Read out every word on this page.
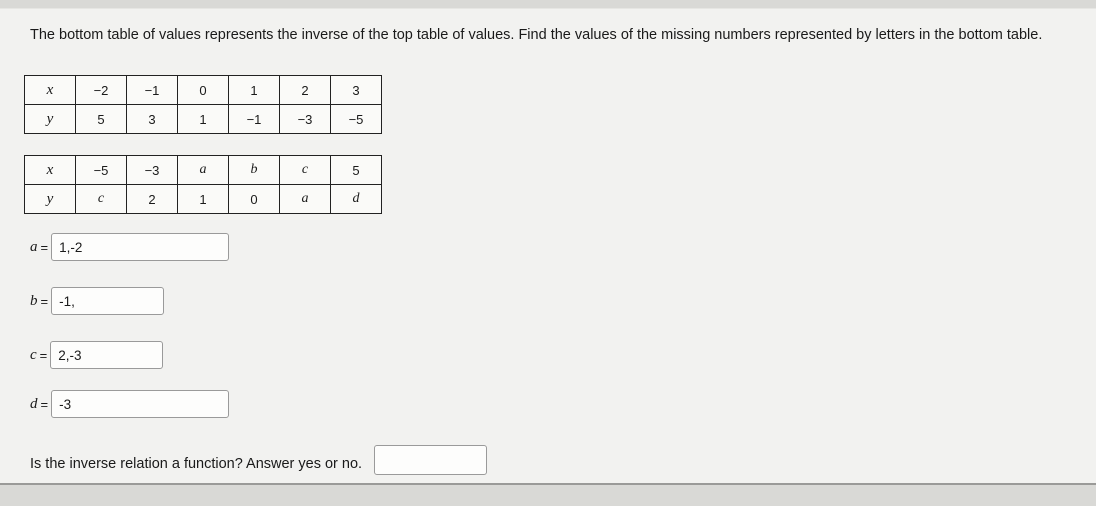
The bottom table of values represents the inverse of the top table of values. Find the values of the missing numbers represented by letters in the bottom table.
x	−2	−1	0	1	2	3
y	5	3	1	−1	−3	−5
x	−5	−3	a	b	c	5
y	c	2	1	0	a	d
a = 1,-2
b = -1,
c = 2,-3
d = -3
Is the inverse relation a function? Answer yes or no.
